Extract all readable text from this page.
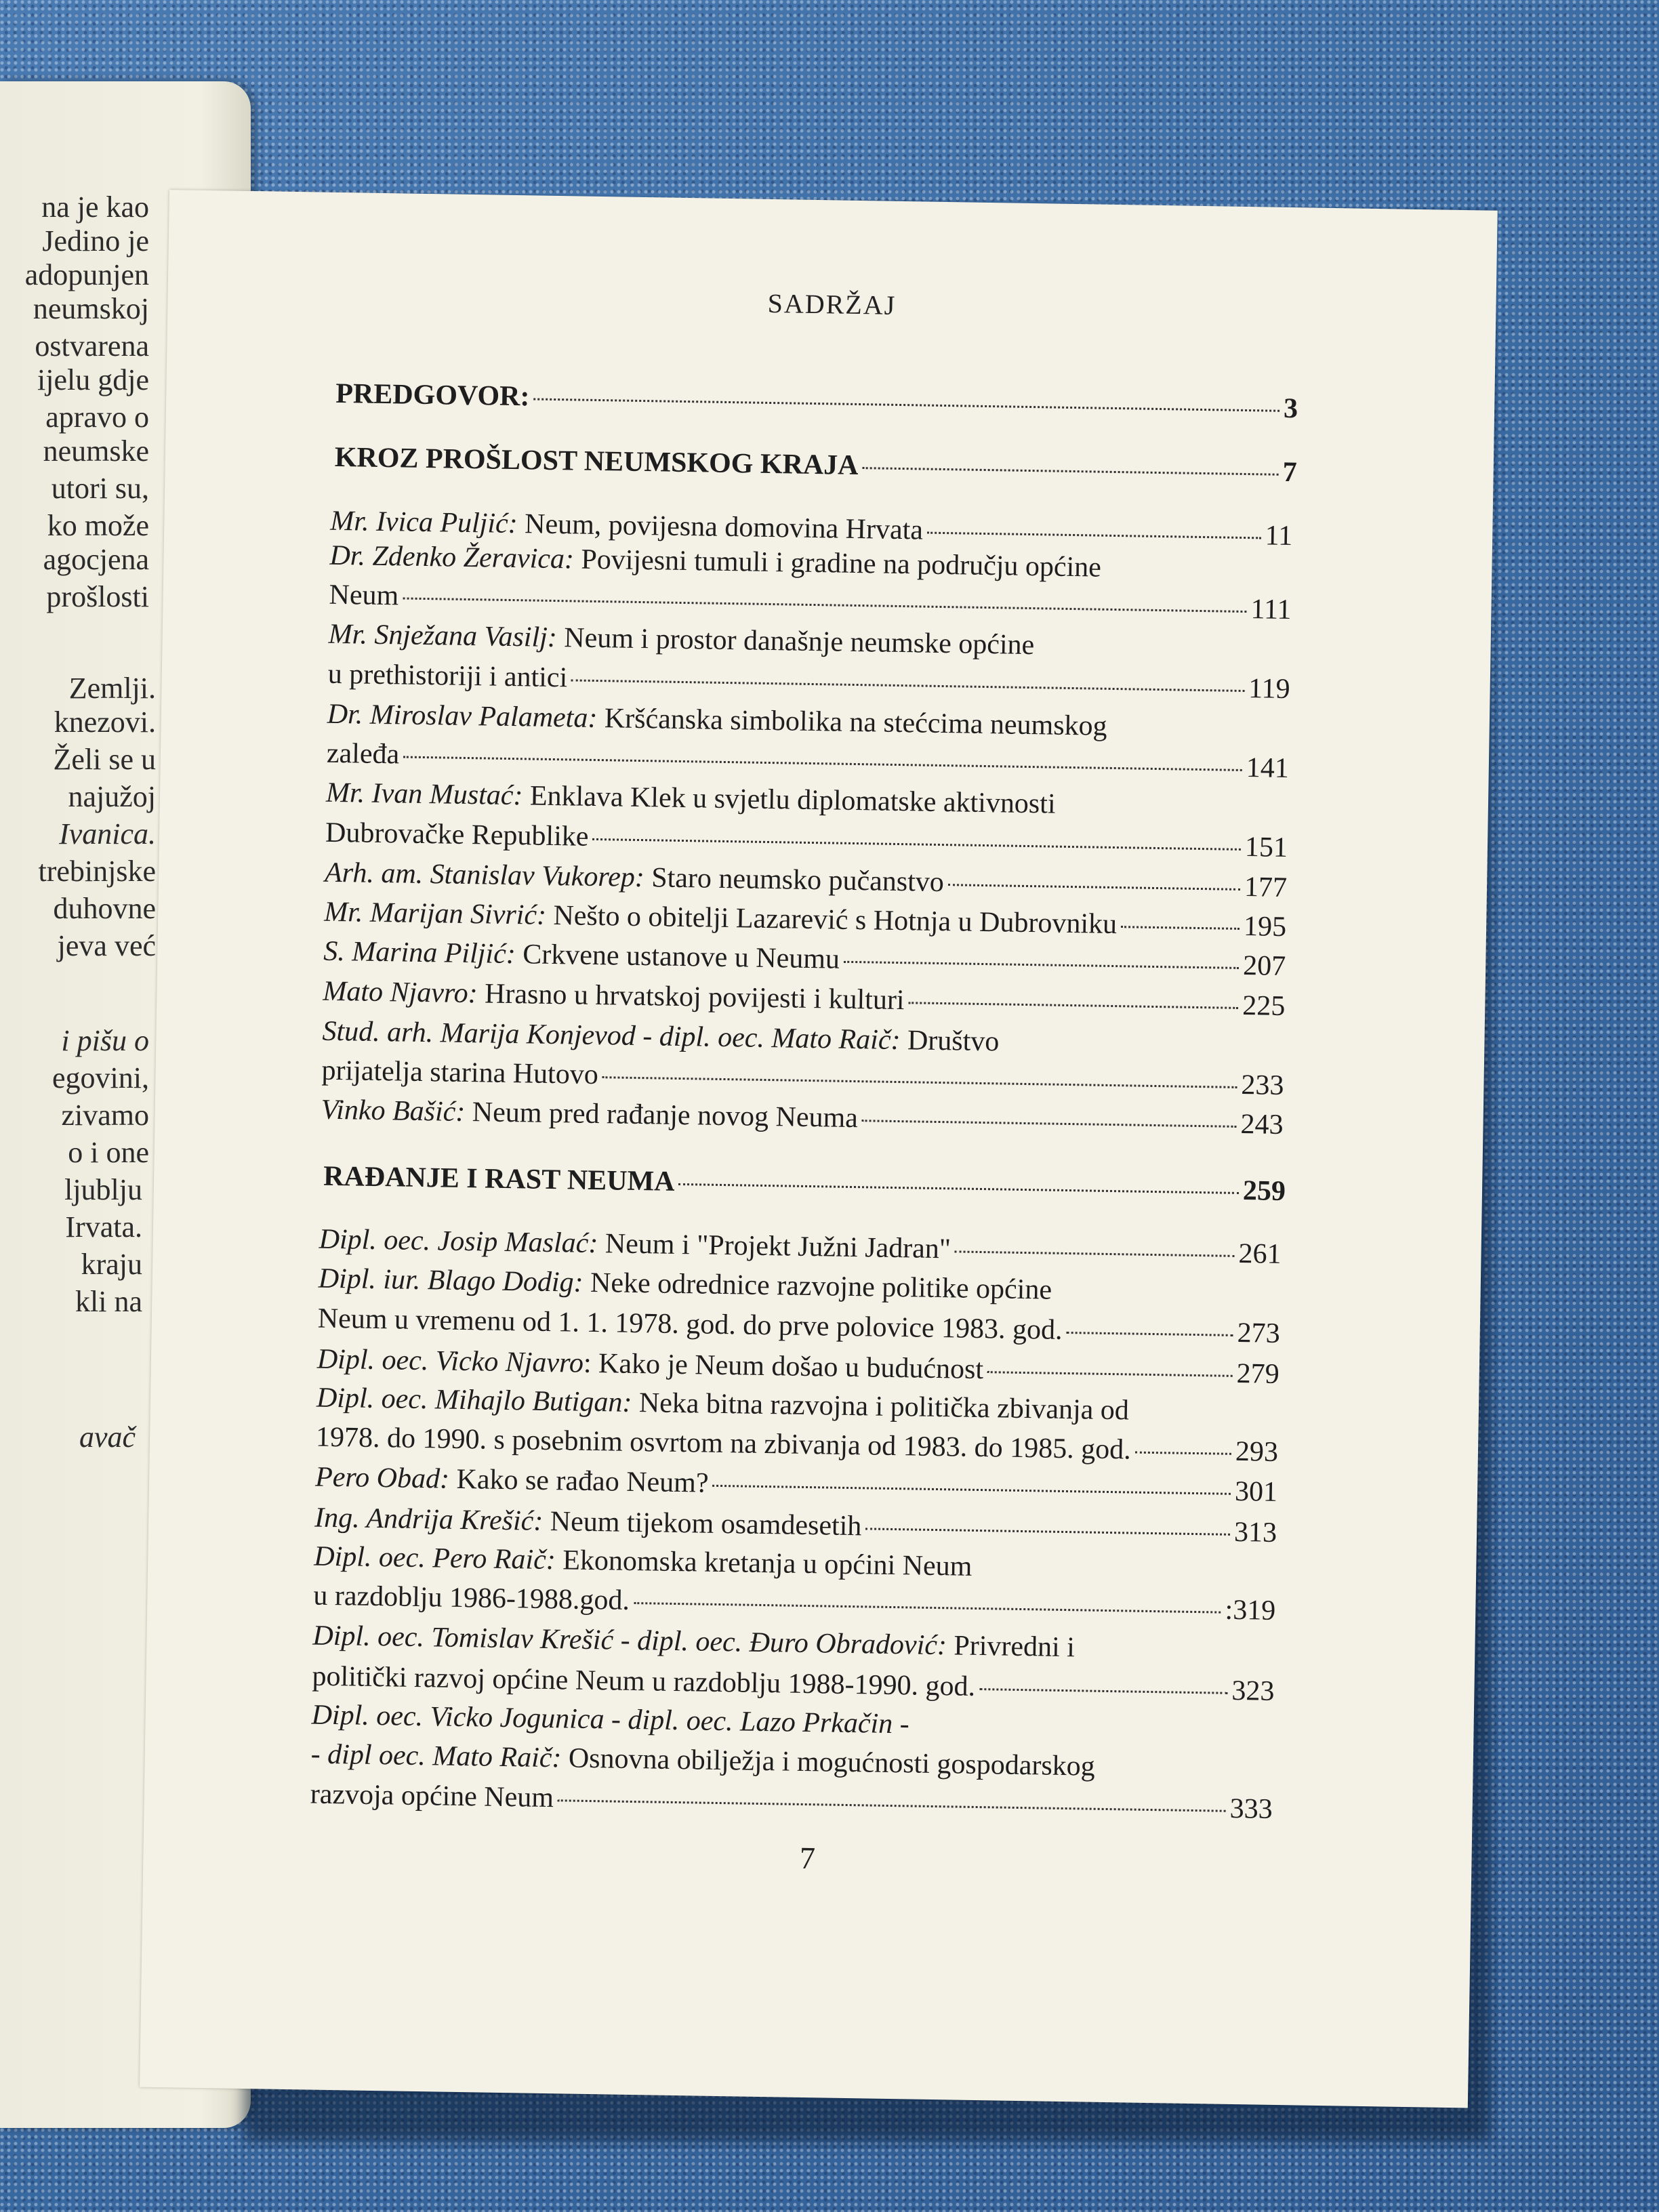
na je kao
Jedino je
adopunjen
neumskoj
ostvarena
ijelu gdje
apravo o
neumske
utori su,
ko može
agocjena
prošlosti
Zemlji.
knezovi.
Želi se u
najužoj
Ivanica.
trebinjske
duhovne
jeva već
i pišu o
egovini,
zivamo
o i one
ljublju
Irvata.
kraju
kli na
avač
SADRŽAJ
PREDGOVOR:	3
KROZ PROŠLOST NEUMSKOG KRAJA	7
Mr. Ivica Puljić: Neum, povijesna domovina Hrvata	11
Dr. Zdenko Žeravica: Povijesni tumuli i gradine na području općine
Neum	111
Mr. Snježana Vasilj: Neum i prostor današnje neumske općine
u prethistoriji i antici	119
Dr. Miroslav Palameta: Kršćanska simbolika na stećcima neumskog
zaleđa	141
Mr. Ivan Mustać: Enklava Klek u svjetlu diplomatske aktivnosti
Dubrovačke Republike	151
Arh. am. Stanislav Vukorep: Staro neumsko pučanstvo	177
Mr. Marijan Sivrić: Nešto o obitelji Lazarević s Hotnja u Dubrovniku	195
S. Marina Piljić: Crkvene ustanove u Neumu	207
Mato Njavro: Hrasno u hrvatskoj povijesti i kulturi	225
Stud. arh. Marija Konjevod - dipl. oec. Mato Raič: Društvo
prijatelja starina Hutovo	233
Vinko Bašić: Neum pred rađanje novog Neuma	243
RAĐANJE I RAST NEUMA	259
Dipl. oec. Josip Maslać: Neum i "Projekt Južni Jadran"	261
Dipl. iur. Blago Dodig: Neke odrednice razvojne politike općine
Neum u vremenu od 1. 1. 1978. god. do prve polovice 1983. god.	273
Dipl. oec. Vicko Njavro : Kako je Neum došao u budućnost	279
Dipl. oec. Mihajlo Butigan: Neka bitna razvojna i politička zbivanja od
1978. do 1990. s posebnim osvrtom na zbivanja od 1983. do 1985. god.	293
Pero Obad: Kako se rađao Neum?	301
Ing. Andrija Krešić: Neum tijekom osamdesetih	313
Dipl. oec. Pero Raič: Ekonomska kretanja u općini Neum
u razdoblju 1986-1988.god.	:319
Dipl. oec. Tomislav Krešić - dipl. oec. Đuro Obradović: Privredni i
politički razvoj općine Neum u razdoblju 1988-1990. god.	323
Dipl. oec. Vicko Jogunica - dipl. oec. Lazo Prkačin -
- dipl oec. Mato Raič: Osnovna obilježja i mogućnosti gospodarskog
razvoja općine Neum	333
7
